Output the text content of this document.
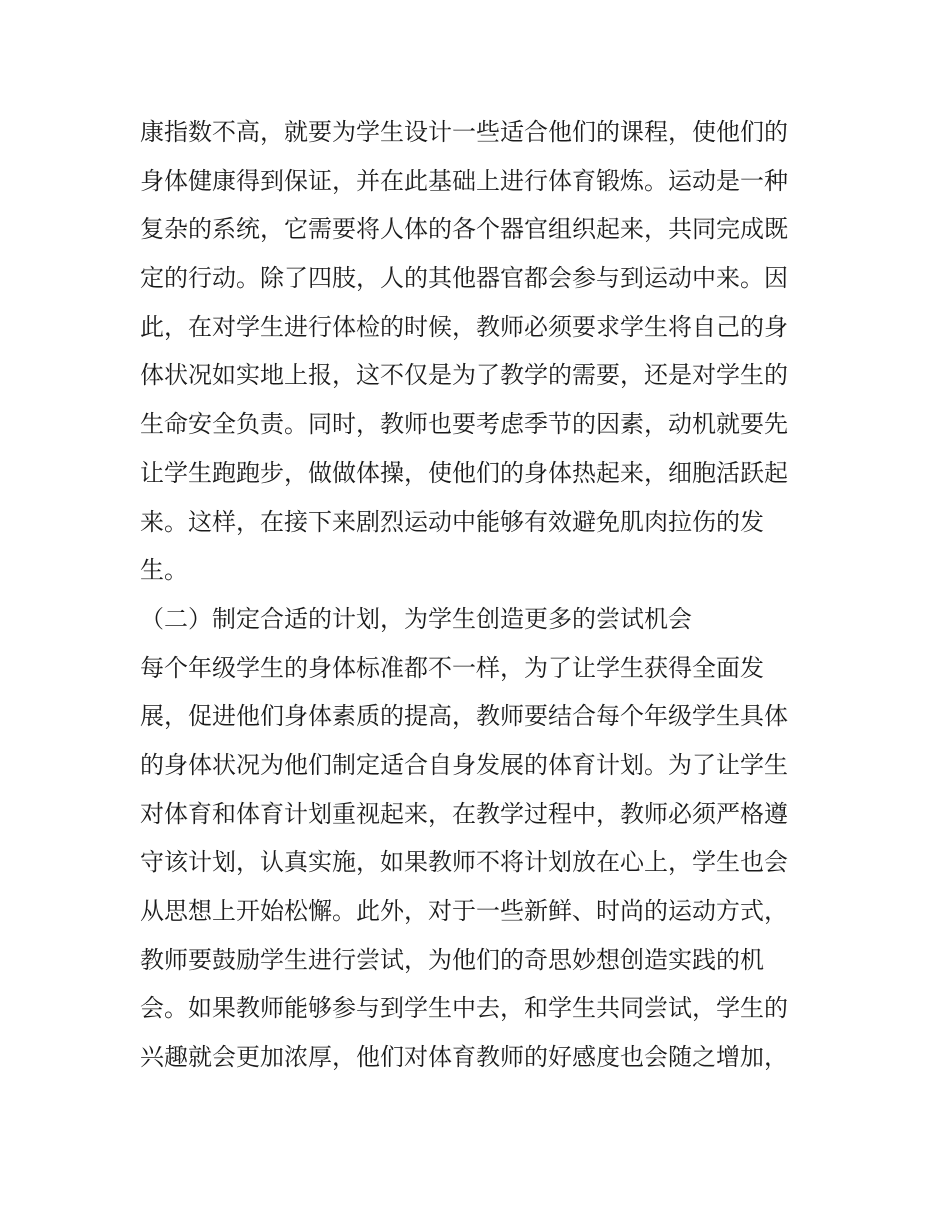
康指数不高，就要为学生设计一些适合他们的课程，使他们的
身体健康得到保证，并在此基础上进行体育锻炼。运动是一种
复杂的系统，它需要将人体的各个器官组织起来，共同完成既
定的行动。除了四肢，人的其他器官都会参与到运动中来。因
此，在对学生进行体检的时候，教师必须要求学生将自己的身
体状况如实地上报，这不仅是为了教学的需要，还是对学生的
生命安全负责。同时，教师也要考虑季节的因素，动机就要先
让学生跑跑步，做做体操，使他们的身体热起来，细胞活跃起
来。这样，在接下来剧烈运动中能够有效避免肌肉拉伤的发
生。
（二）制定合适的计划，为学生创造更多的尝试机会
每个年级学生的身体标准都不一样，为了让学生获得全面发
展，促进他们身体素质的提高，教师要结合每个年级学生具体
的身体状况为他们制定适合自身发展的体育计划。为了让学生
对体育和体育计划重视起来，在教学过程中，教师必须严格遵
守该计划，认真实施，如果教师不将计划放在心上，学生也会
从思想上开始松懈。此外，对于一些新鲜、时尚的运动方式，
教师要鼓励学生进行尝试，为他们的奇思妙想创造实践的机
会。如果教师能够参与到学生中去，和学生共同尝试，学生的
兴趣就会更加浓厚，他们对体育教师的好感度也会随之增加，
